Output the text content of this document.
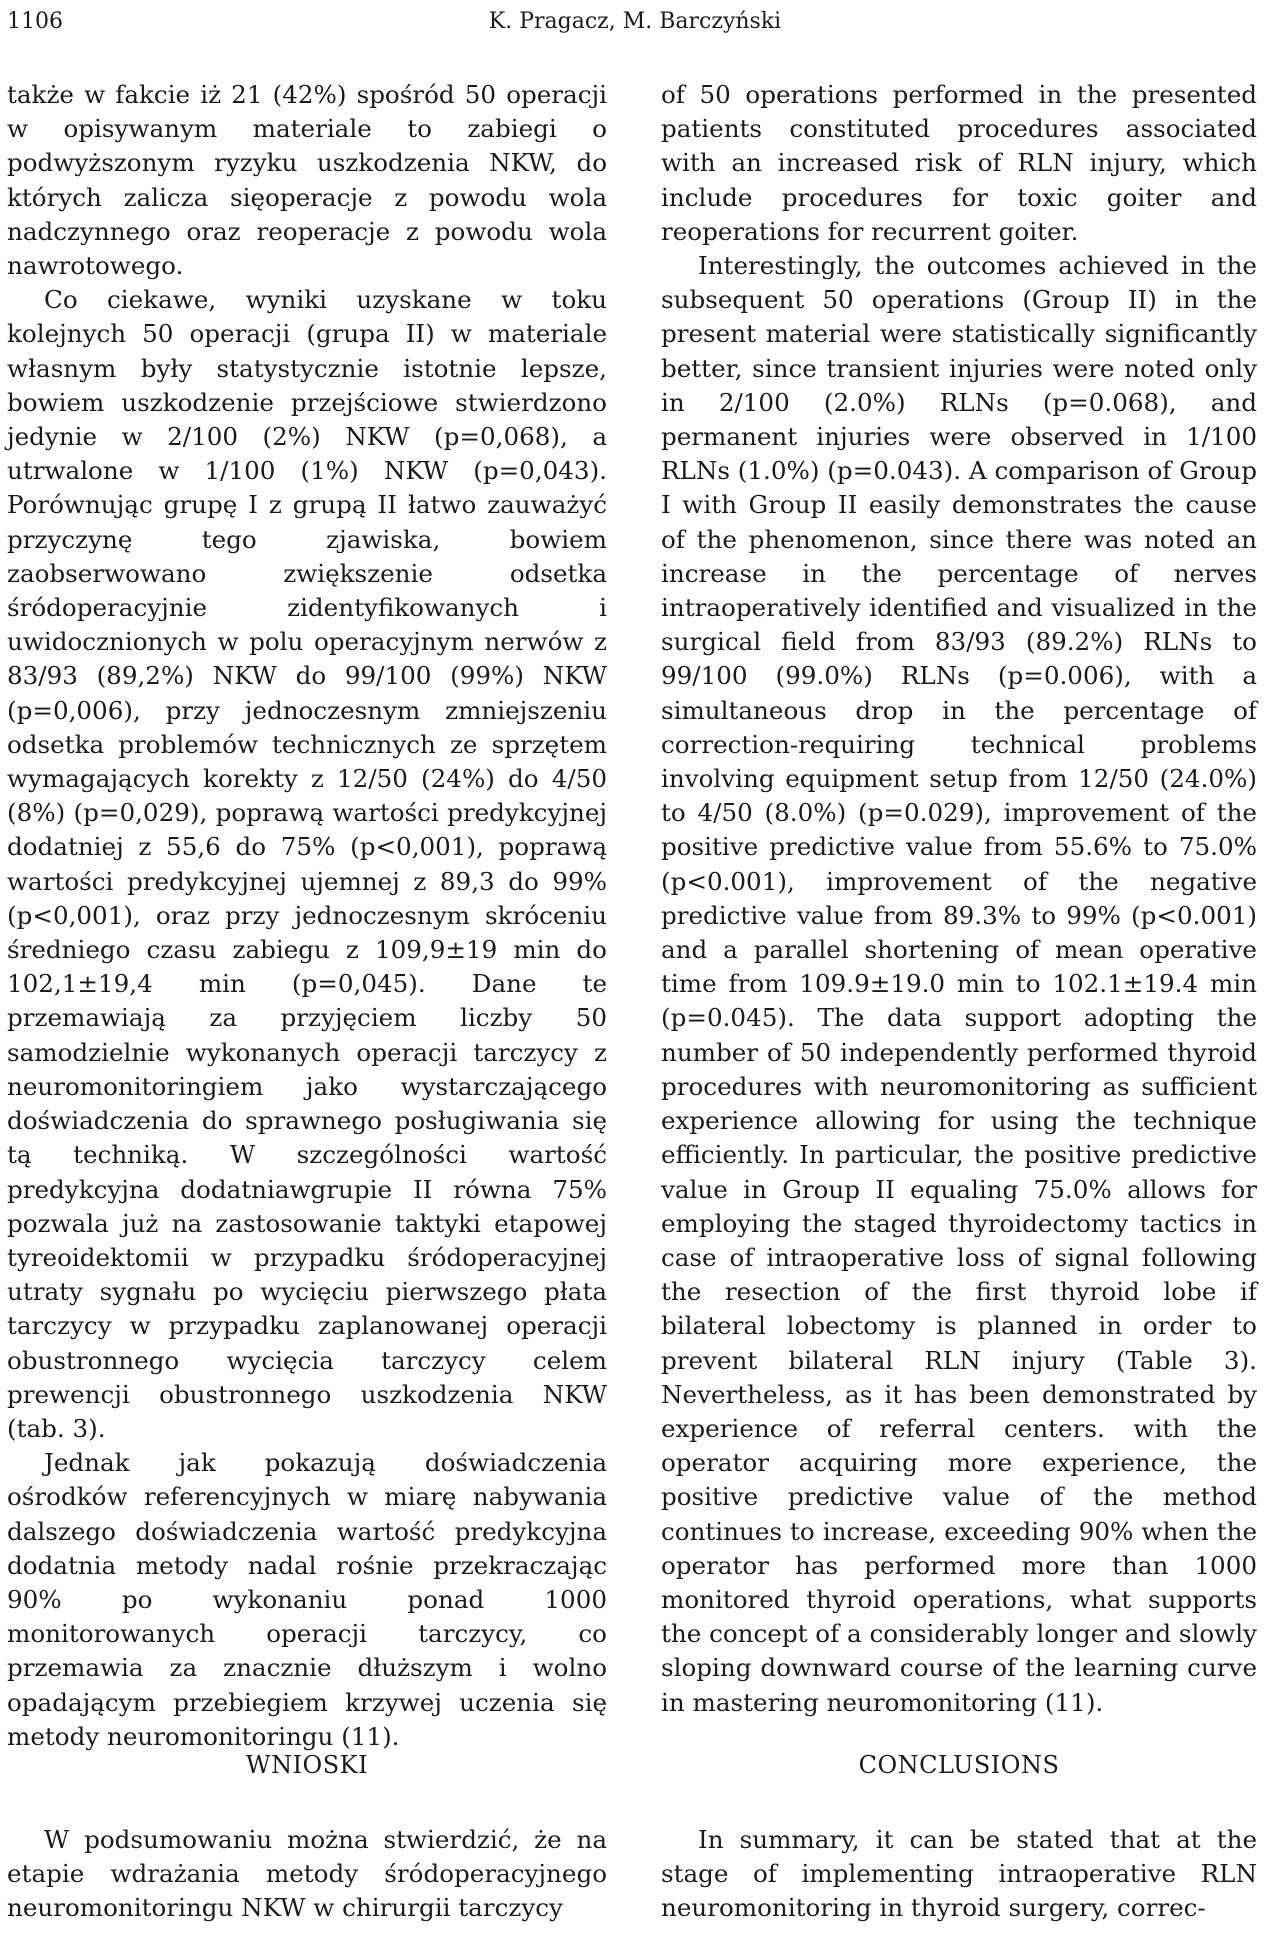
1106	K. Pragacz, M. Barczyński

także w fakcie iż 21 (42%) spośród 50 operacji w opisywanym materiale to zabiegi o podwyższonym ryzyku uszkodzenia NKW, do których zalicza sięoperacje z powodu wola nadczynnego oraz reoperacje z powodu wola nawrotowego.

Co ciekawe, wyniki uzyskane w toku kolejnych 50 operacji (grupa II) w materiale własnym były statystycznie istotnie lepsze, bowiem uszkodzenie przejściowe stwierdzono jedynie w 2/100 (2%) NKW (p=0,068), a utrwalone w 1/100 (1%) NKW (p=0,043). Porównując grupę I z grupą II łatwo zauważyć przyczynę tego zjawiska, bowiem zaobserwowano zwiększenie odsetka śródoperacyjnie zidentyfikowanych i uwidocznionych w polu operacyjnym nerwów z 83/93 (89,2%) NKW do 99/100 (99%) NKW (p=0,006), przy jednoczesnym zmniejszeniu odsetka problemów technicznych ze sprzętem wymagających korekty z 12/50 (24%) do 4/50 (8%) (p=0,029), poprawą wartości predykcyjnej dodatniej z 55,6 do 75% (p<0,001), poprawą wartości predykcyjnej ujemnej z 89,3 do 99% (p<0,001), oraz przy jednoczesnym skróceniu średniego czasu zabiegu z 109,9±19 min do 102,1±19,4 min (p=0,045). Dane te przemawiają za przyjęciem liczby 50 samodzielnie wykonanych operacji tarczycy z neuromonitoringiem jako wystarczającego doświadczenia do sprawnego posługiwania się tą techniką. W szczególności wartość predykcyjna dodatniawgrupie II równa 75% pozwala już na zastosowanie taktyki etapowej tyreoidektomii w przypadku śródoperacyjnej utraty sygnału po wycięciu pierwszego płata tarczycy w przypadku zaplanowanej operacji obustronnego wycięcia tarczycy celem prewencji obustronnego uszkodzenia NKW (tab. 3).

Jednak jak pokazują doświadczenia ośrodków referencyjnych w miarę nabywania dalszego doświadczenia wartość predykcyjna dodatnia metody nadal rośnie przekraczając 90% po wykonaniu ponad 1000 monitorowanych operacji tarczycy, co przemawia za znacznie dłuższym i wolno opadającym przebiegiem krzywej uczenia się metody neuromonitoringu (11).

of 50 operations performed in the presented patients constituted procedures associated with an increased risk of RLN injury, which include procedures for toxic goiter and reoperations for recurrent goiter.

Interestingly, the outcomes achieved in the subsequent 50 operations (Group II) in the present material were statistically significantly better, since transient injuries were noted only in 2/100 (2.0%) RLNs (p=0.068), and permanent injuries were observed in 1/100 RLNs (1.0%) (p=0.043). A comparison of Group I with Group II easily demonstrates the cause of the phenomenon, since there was noted an increase in the percentage of nerves intraoperatively identified and visualized in the surgical field from 83/93 (89.2%) RLNs to 99/100 (99.0%) RLNs (p=0.006), with a simultaneous drop in the percentage of correction-requiring technical problems involving equipment setup from 12/50 (24.0%) to 4/50 (8.0%) (p=0.029), improvement of the positive predictive value from 55.6% to 75.0% (p<0.001), improvement of the negative predictive value from 89.3% to 99% (p<0.001) and a parallel shortening of mean operative time from 109.9±19.0 min to 102.1±19.4 min (p=0.045). The data support adopting the number of 50 independently performed thyroid procedures with neuromonitoring as sufficient experience allowing for using the technique efficiently. In particular, the positive predictive value in Group II equaling 75.0% allows for employing the staged thyroidectomy tactics in case of intraoperative loss of signal following the resection of the first thyroid lobe if bilateral lobectomy is planned in order to prevent bilateral RLN injury (Table 3). Nevertheless, as it has been demonstrated by experience of referral centers. with the operator acquiring more experience, the positive predictive value of the method continues to increase, exceeding 90% when the operator has performed more than 1000 monitored thyroid operations, what supports the concept of a considerably longer and slowly sloping downward course of the learning curve in mastering neuromonitoring (11).

WNIOSKI	CONCLUSIONS

W podsumowaniu można stwierdzić, że na etapie wdrażania metody śródoperacyjnego neuromonitoringu NKW w chirurgii tarczycy

In summary, it can be stated that at the stage of implementing intraoperative RLN neuromonitoring in thyroid surgery, correc-
